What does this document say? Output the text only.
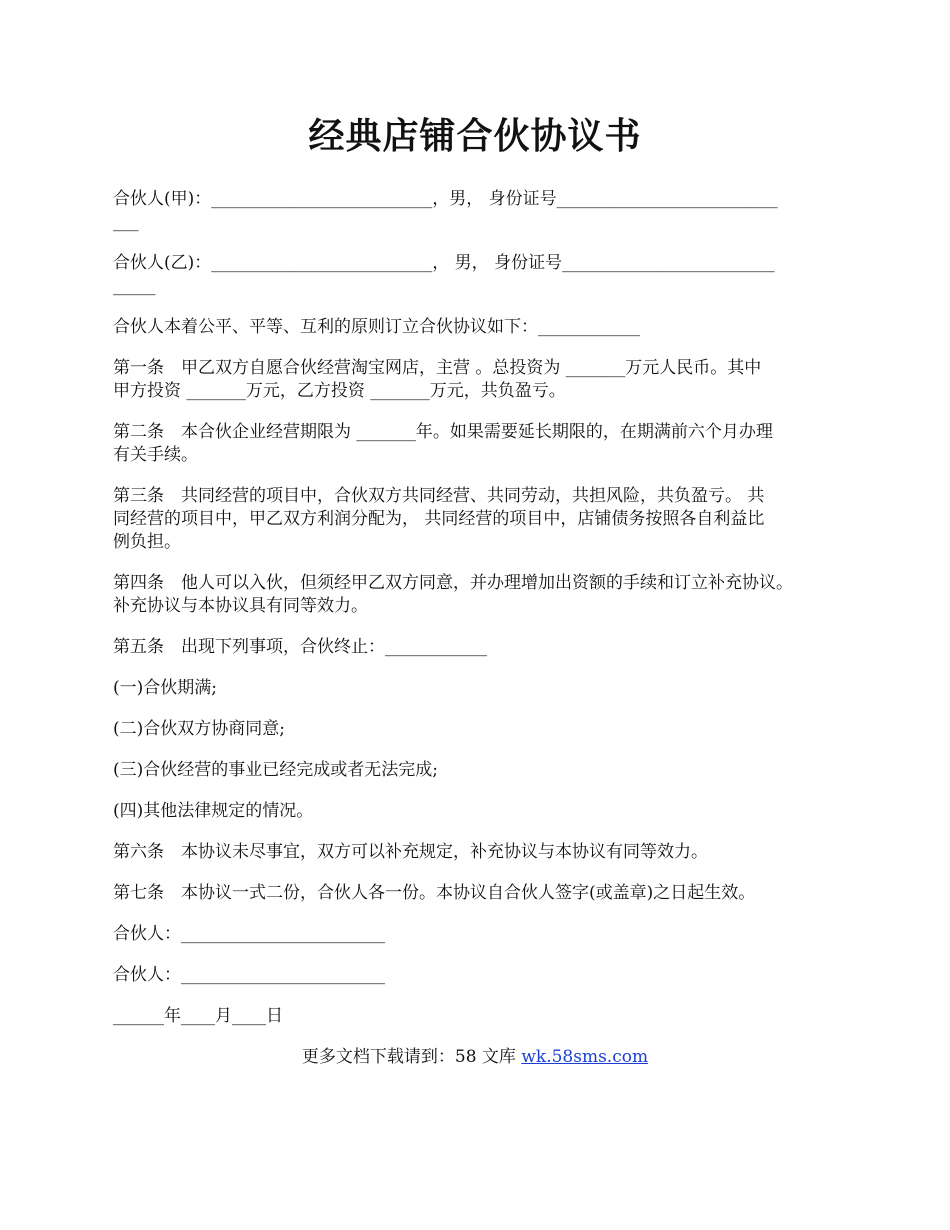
经典店铺合伙协议书

合伙人(甲)：__________________________，男， 身份证号__________________________
___

合伙人(乙)：__________________________， 男， 身份证号_________________________
_____

合伙人本着公平、平等、互利的原则订立合伙协议如下：____________

第一条　甲乙双方自愿合伙经营淘宝网店，主营 。总投资为 _______万元人民币。其中
甲方投资 _______万元，乙方投资 _______万元，共负盈亏。

第二条　本合伙企业经营期限为 _______年。如果需要延长期限的，在期满前六个月办理
有关手续。

第三条　共同经营的项目中，合伙双方共同经营、共同劳动，共担风险，共负盈亏。 共
同经营的项目中，甲乙双方利润分配为， 共同经营的项目中，店铺债务按照各自利益比
例负担。

第四条　他人可以入伙，但须经甲乙双方同意，并办理增加出资额的手续和订立补充协议。
补充协议与本协议具有同等效力。

第五条　出现下列事项，合伙终止：____________

(一)合伙期满;

(二)合伙双方协商同意;

(三)合伙经营的事业已经完成或者无法完成;

(四)其他法律规定的情况。

第六条　本协议未尽事宜，双方可以补充规定，补充协议与本协议有同等效力。

第七条　本协议一式二份，合伙人各一份。本协议自合伙人签字(或盖章)之日起生效。

合伙人：________________________

合伙人：________________________

______年____月____日

更多文档下载请到：58 文库 wk.58sms.com
